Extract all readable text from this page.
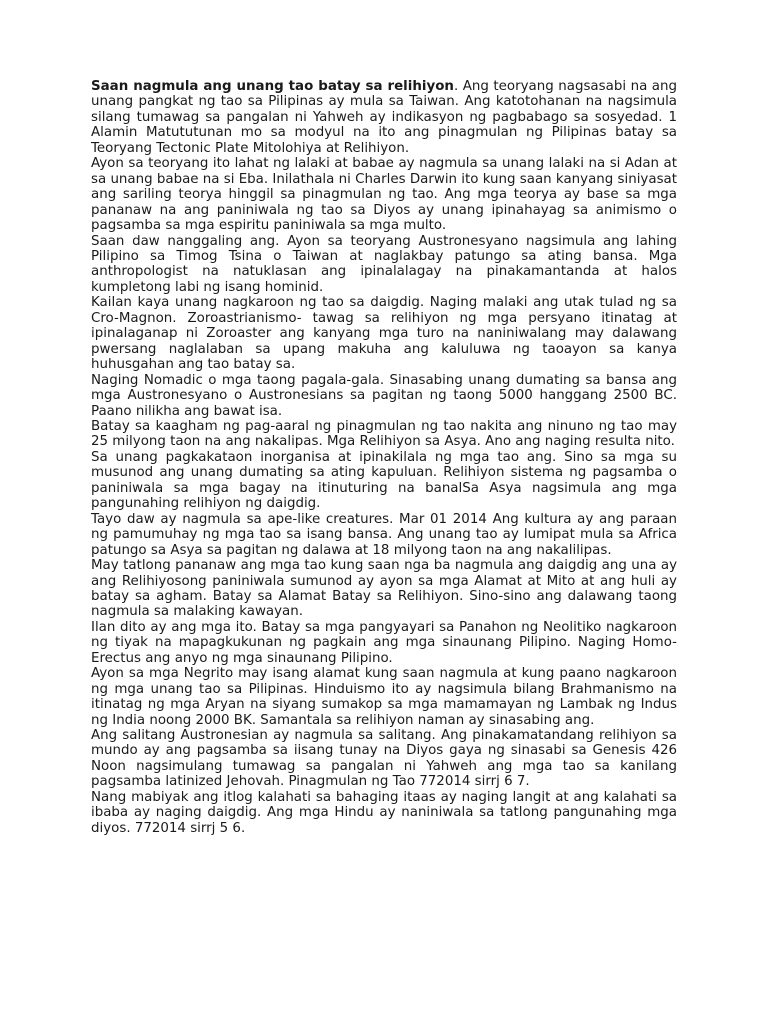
Saan nagmula ang unang tao batay sa relihiyon. Ang teoryang nagsasabi na ang unang pangkat ng tao sa Pilipinas ay mula sa Taiwan. Ang katotohanan na nagsimula silang tumawag sa pangalan ni Yahweh ay indikasyon ng pagbabago sa sosyedad. 1 Alamin Matututunan mo sa modyul na ito ang pinagmulan ng Pilipinas batay sa Teoryang Tectonic Plate Mitolohiya at Relihiyon.

Ayon sa teoryang ito lahat ng lalaki at babae ay nagmula sa unang lalaki na si Adan at sa unang babae na si Eba. Inilathala ni Charles Darwin ito kung saan kanyang siniyasat ang sariling teorya hinggil sa pinagmulan ng tao. Ang mga teorya ay base sa mga pananaw na ang paniniwala ng tao sa Diyos ay unang ipinahayag sa animismo o pagsamba sa mga espiritu paniniwala sa mga multo.

Saan daw nanggaling ang. Ayon sa teoryang Austronesyano nagsimula ang lahing Pilipino sa Timog Tsina o Taiwan at naglakbay patungo sa ating bansa. Mga anthropologist na natuklasan ang ipinalalagay na pinakamantanda at halos kumpletong labi ng isang hominid.

Kailan kaya unang nagkaroon ng tao sa daigdig. Naging malaki ang utak tulad ng sa Cro-Magnon. Zoroastrianismo- tawag sa relihiyon ng mga persyano itinatag at ipinalaganap ni Zoroaster ang kanyang mga turo na naniniwalang may dalawang pwersang naglalaban sa upang makuha ang kaluluwa ng taoayon sa kanya huhusgahan ang tao batay sa.

Naging Nomadic o mga taong pagala-gala. Sinasabing unang dumating sa bansa ang mga Austronesyano o Austronesians sa pagitan ng taong 5000 hanggang 2500 BC. Paano nilikha ang bawat isa.

Batay sa kaagham ng pag-aaral ng pinagmulan ng tao nakita ang ninuno ng tao may 25 milyong taon na ang nakalipas. Mga Relihiyon sa Asya. Ano ang naging resulta nito.

Sa unang pagkakataon inorganisa at ipinakilala ng mga tao ang. Sino sa mga su musunod ang unang dumating sa ating kapuluan. Relihiyon sistema ng pagsamba o paniniwala sa mga bagay na itinuturing na banalSa Asya nagsimula ang mga pangunahing relihiyon ng daigdig.

Tayo daw ay nagmula sa ape-like creatures. Mar 01 2014 Ang kultura ay ang paraan ng pamumuhay ng mga tao sa isang bansa. Ang unang tao ay lumipat mula sa Africa patungo sa Asya sa pagitan ng dalawa at 18 milyong taon na ang nakalilipas.

May tatlong pananaw ang mga tao kung saan nga ba nagmula ang daigdig ang una ay ang Relihiyosong paniniwala sumunod ay ayon sa mga Alamat at Mito at ang huli ay batay sa agham. Batay sa Alamat Batay sa Relihiyon. Sino-sino ang dalawang taong nagmula sa malaking kawayan.

Ilan dito ay ang mga ito. Batay sa mga pangyayari sa Panahon ng Neolitiko nagkaroon ng tiyak na mapagkukunan ng pagkain ang mga sinaunang Pilipino. Naging Homo-Erectus ang anyo ng mga sinaunang Pilipino.

Ayon sa mga Negrito may isang alamat kung saan nagmula at kung paano nagkaroon ng mga unang tao sa Pilipinas. Hinduismo ito ay nagsimula bilang Brahmanismo na itinatag ng mga Aryan na siyang sumakop sa mga mamamayan ng Lambak ng Indus ng India noong 2000 BK. Samantala sa relihiyon naman ay sinasabing ang.

Ang salitang Austronesian ay nagmula sa salitang. Ang pinakamatandang relihiyon sa mundo ay ang pagsamba sa iisang tunay na Diyos gaya ng sinasabi sa Genesis 426 Noon nagsimulang tumawag sa pangalan ni Yahweh ang mga tao sa kanilang pagsamba latinized Jehovah. Pinagmulan ng Tao 772014 sirrj 6 7.

Nang mabiyak ang itlog kalahati sa bahaging itaas ay naging langit at ang kalahati sa ibaba ay naging daigdig. Ang mga Hindu ay naniniwala sa tatlong pangunahing mga diyos. 772014 sirrj 5 6.
